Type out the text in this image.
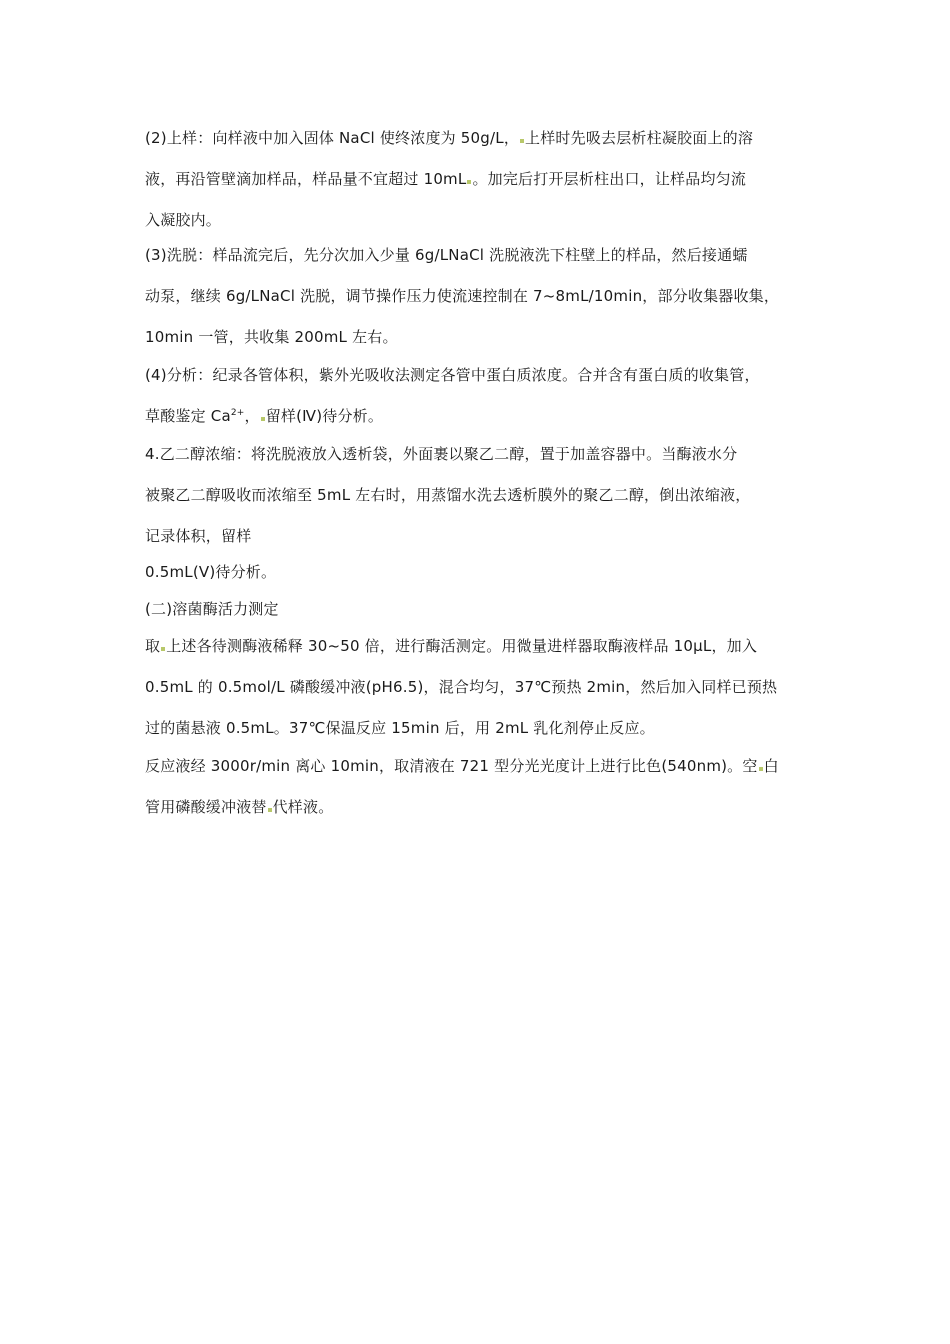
(2)上样：向样液中加入固体 NaCl 使终浓度为 50g/L， 上样时先吸去层析柱凝胶面上的溶
液，再沿管壁滴加样品，样品量不宜超过 10mL 。加完后打开层析柱出口，让样品均匀流
入凝胶内。
(3)洗脱：样品流完后，先分次加入少量 6g/LNaCl 洗脱液洗下柱壁上的样品，然后接通蠕
动泵，继续 6g/LNaCl 洗脱，调节操作压力使流速控制在 7~8mL/10min，部分收集器收集，
10min 一管，共收集 200mL 左右。
(4)分析：纪录各管体积，紫外光吸收法测定各管中蛋白质浓度。合并含有蛋白质的收集管，
草酸鉴定 $Ca^{2+}$， 留样(Ⅳ)待分析。
4.乙二醇浓缩：将洗脱液放入透析袋，外面裹以聚乙二醇，置于加盖容器中。当酶液水分
被聚乙二醇吸收而浓缩至 5mL 左右时，用蒸馏水洗去透析膜外的聚乙二醇，倒出浓缩液，
记录体积，留样
0.5mL(Ⅴ)待分析。
(二)溶菌酶活力测定
取 上述各待测酶液稀释 30~50 倍，进行酶活测定。用微量进样器取酶液样品 10μL，加入
0.5mL 的 0.5mol/L 磷酸缓冲液(pH6.5)，混合均匀，37℃预热 2min，然后加入同样已预热
过的菌悬液 0.5mL。37℃保温反应 15min 后，用 2mL 乳化剂停止反应。
反应液经 3000r/min 离心 10min，取清液在 721 型分光光度计上进行比色(540nm)。空 白
管用磷酸缓冲液替 代样液。
